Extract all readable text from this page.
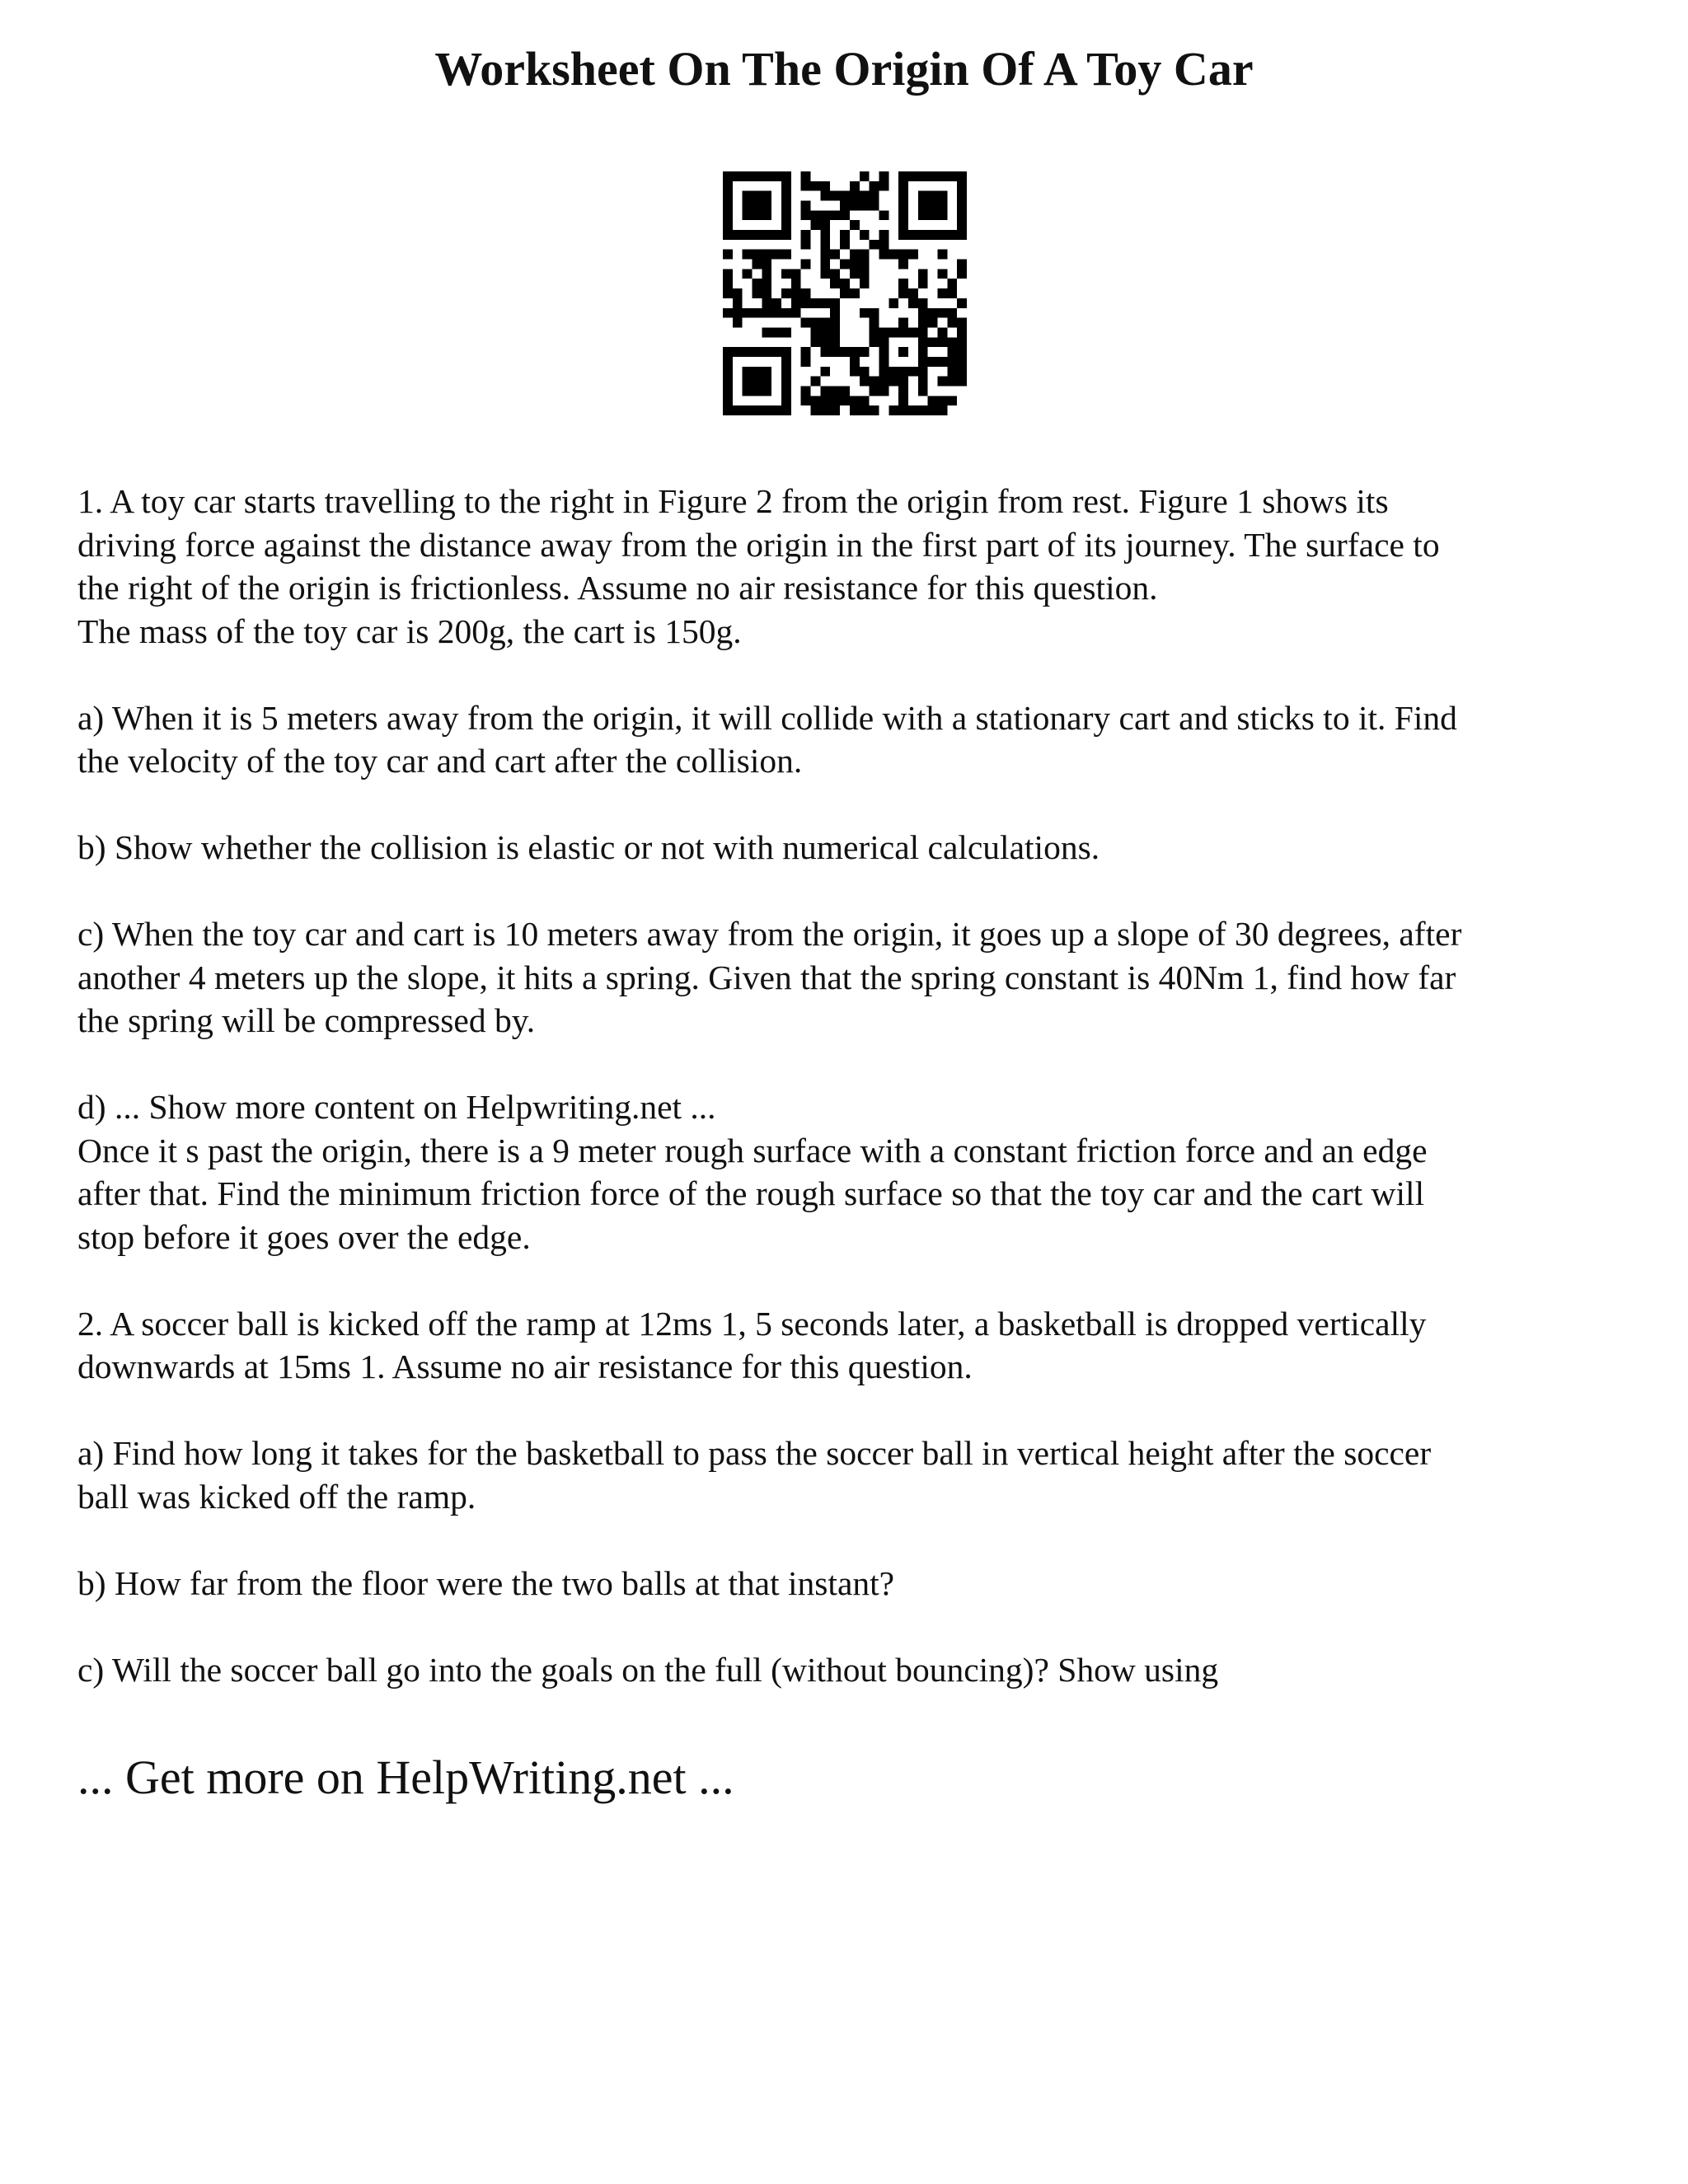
Worksheet On The Origin Of A Toy Car

1. A toy car starts travelling to the right in Figure 2 from the origin from rest. Figure 1 shows its
driving force against the distance away from the origin in the first part of its journey. The surface to
the right of the origin is frictionless. Assume no air resistance for this question.
The mass of the toy car is 200g, the cart is 150g.

a) When it is 5 meters away from the origin, it will collide with a stationary cart and sticks to it. Find
the velocity of the toy car and cart after the collision.

b) Show whether the collision is elastic or not with numerical calculations.

c) When the toy car and cart is 10 meters away from the origin, it goes up a slope of 30 degrees, after
another 4 meters up the slope, it hits a spring. Given that the spring constant is 40Nm 1, find how far
the spring will be compressed by.

d) ... Show more content on Helpwriting.net ...
Once it s past the origin, there is a 9 meter rough surface with a constant friction force and an edge
after that. Find the minimum friction force of the rough surface so that the toy car and the cart will
stop before it goes over the edge.

2. A soccer ball is kicked off the ramp at 12ms 1, 5 seconds later, a basketball is dropped vertically
downwards at 15ms 1. Assume no air resistance for this question.

a) Find how long it takes for the basketball to pass the soccer ball in vertical height after the soccer
ball was kicked off the ramp.

b) How far from the floor were the two balls at that instant?

c) Will the soccer ball go into the goals on the full (without bouncing)? Show using

... Get more on HelpWriting.net ...
